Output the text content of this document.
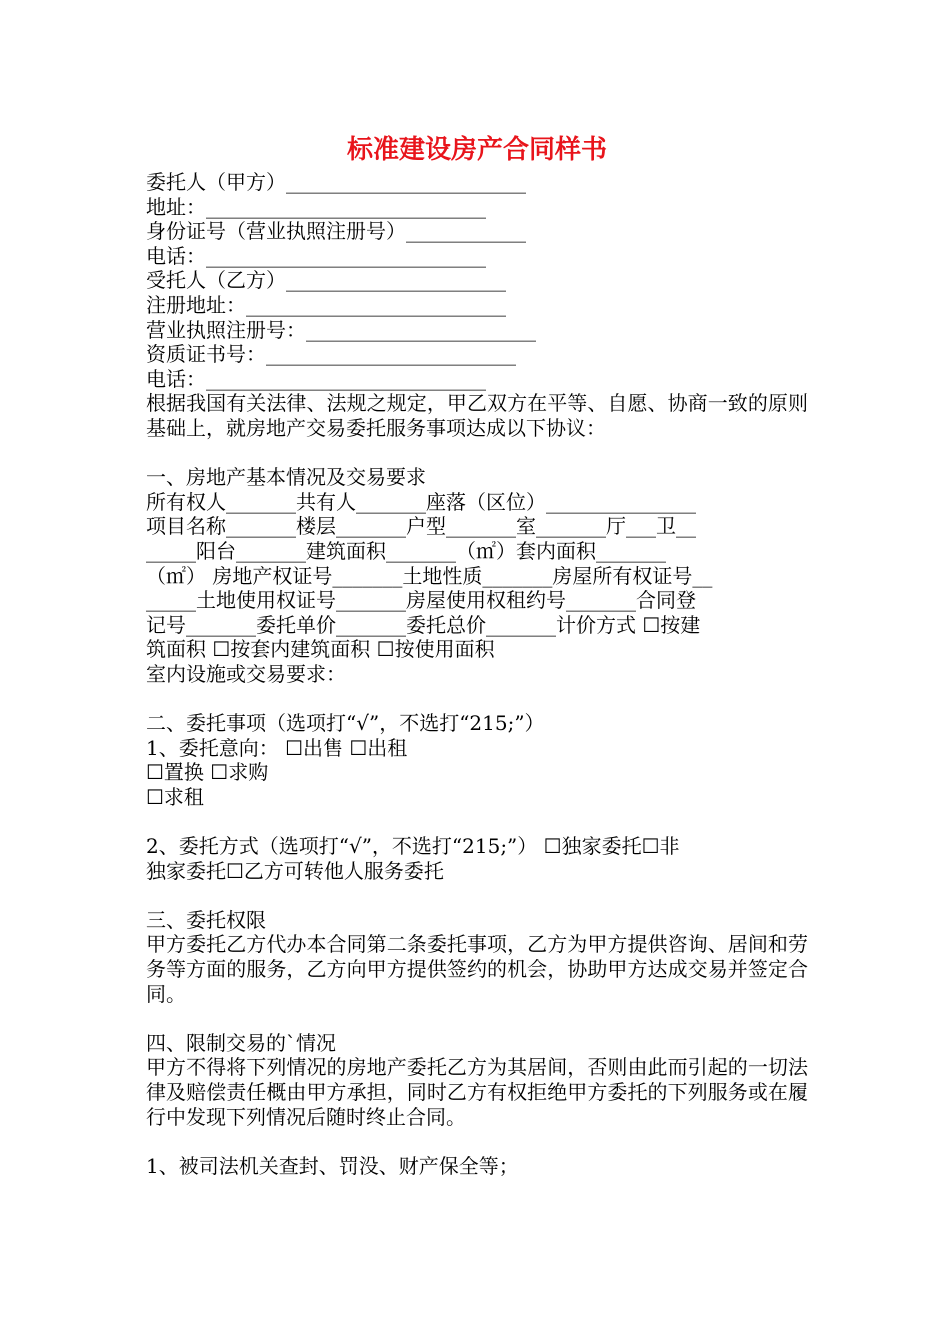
标准建设房产合同样书

委托人（甲方）________________________

地址：____________________________

身份证号（营业执照注册号）____________

电话：____________________________

受托人（乙方）______________________

注册地址：__________________________

营业执照注册号：_______________________

资质证书号：_________________________

电话：____________________________

根据我国有关法律、法规之规定，甲乙双方在平等、自愿、协商一致的原则基础上，就房地产交易委托服务事项达成以下协议：

一、房地产基本情况及交易要求

所有权人_______共有人_______座落（区位）_______________

项目名称_______楼层_______户型_______室_______厅___卫__

_____阳台_______建筑面积_______（㎡）套内面积_______

（㎡） 房地产权证号_______土地性质_______房屋所有权证号__

_____土地使用权证号_______房屋使用权租约号_______合同登

记号_______委托单价_______委托总价_______计价方式 ☐按建

筑面积 ☐按套内建筑面积 ☐按使用面积

室内设施或交易要求：

二、委托事项（选项打“√”，不选打“215;”）

1、委托意向： ☐出售 ☐出租

☐置换 ☐求购

☐求租

2、委托方式（选项打“√”，不选打“215;”） ☐独家委托☐非

独家委托☐乙方可转他人服务委托

三、委托权限

甲方委托乙方代办本合同第二条委托事项，乙方为甲方提供咨询、居间和劳务等方面的服务，乙方向甲方提供签约的机会，协助甲方达成交易并签定合同。

四、限制交易的`情况

甲方不得将下列情况的房地产委托乙方为其居间，否则由此而引起的一切法律及赔偿责任概由甲方承担，同时乙方有权拒绝甲方委托的下列服务或在履行中发现下列情况后随时终止合同。

1、被司法机关查封、罚没、财产保全等；
